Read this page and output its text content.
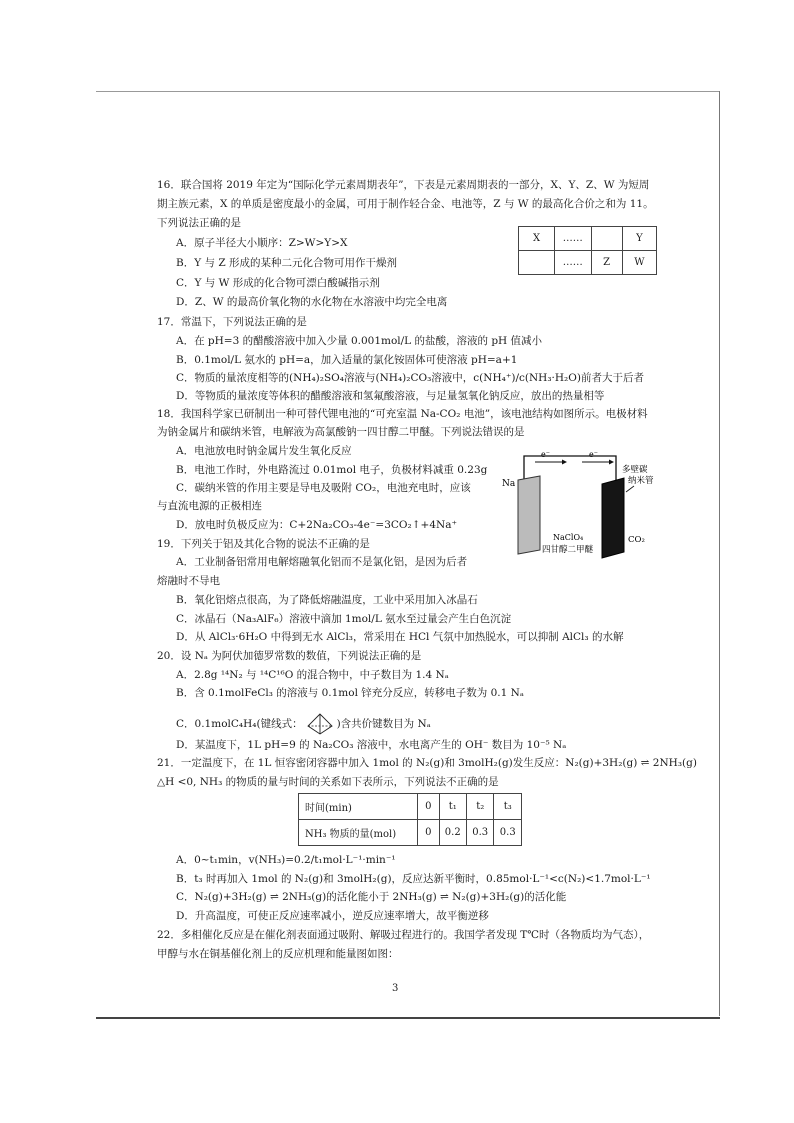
16．联合国将 2019 年定为“国际化学元素周期表年”，下表是元素周期表的一部分，X、Y、Z、W 为短周
期主族元素，X 的单质是密度最小的金属，可用于制作轻合金、电池等，Z 与 W 的最高化合价之和为 11。
下列说法正确的是
A．原子半径大小顺序：Z>W>Y>X
B．Y 与 Z 形成的某种二元化合物可用作干燥剂
C．Y 与 W 形成的化合物可漂白酸碱指示剂
D．Z、W 的最高价氧化物的水化物在水溶液中均完全电离
X	……		Y
	……	Z	W
17．常温下，下列说法正确的是
A．在 pH=3 的醋酸溶液中加入少量 0.001mol/L 的盐酸，溶液的 pH 值减小
B．0.1mol/L 氨水的 pH=a，加入适量的氯化铵固体可使溶液 pH=a+1
C．物质的量浓度相等的(NH₄)₂SO₄溶液与(NH₄)₂CO₃溶液中，c(NH₄⁺)/c(NH₃·H₂O)前者大于后者
D．等物质的量浓度等体积的醋酸溶液和氢氟酸溶液，与足量氢氧化钠反应，放出的热量相等
18．我国科学家已研制出一种可替代锂电池的“可充室温 Na-CO₂ 电池”，该电池结构如图所示。电极材料
为钠金属片和碳纳米管，电解液为高氯酸钠一四甘醇二甲醚。下列说法错误的是
A．电池放电时钠金属片发生氧化反应
B．电池工作时，外电路流过 0.01mol 电子，负极材料减重 0.23g
C．碳纳米管的作用主要是导电及吸附 CO₂，电池充电时，应该
与直流电源的正极相连
D．放电时负极反应为：C+2Na₂CO₃-4e⁻=3CO₂↑+4Na⁺
e⁻	e⁻
Na
多壁碳
纳米管
CO₂
NaClO₄
四甘醇二甲醚
19．下列关于铝及其化合物的说法不正确的是
A．工业制备铝常用电解熔融氧化铝而不是氯化铝，是因为后者
熔融时不导电
B．氧化铝熔点很高，为了降低熔融温度，工业中采用加入冰晶石
C．冰晶石（Na₃AlF₆）溶液中滴加 1mol/L 氨水至过量会产生白色沉淀
D．从 AlCl₃·6H₂O 中得到无水 AlCl₃，常采用在 HCl 气氛中加热脱水，可以抑制 AlCl₃ 的水解
20．设 Nₐ 为阿伏加德罗常数的数值，下列说法正确的是
A．2.8g ¹⁴N₂ 与 ¹⁴C¹⁶O 的混合物中，中子数目为 1.4 Nₐ
B．含 0.1molFeCl₃ 的溶液与 0.1mol 锌充分反应，转移电子数为 0.1 Nₐ
C．0.1molC₄H₄(键线式：	)含共价键数目为 Nₐ
D．某温度下，1L pH=9 的 Na₂CO₃ 溶液中，水电离产生的 OH⁻ 数目为 10⁻⁵ Nₐ
21．一定温度下，在 1L 恒容密闭容器中加入 1mol 的 N₂(g)和 3molH₂(g)发生反应：N₂(g)+3H₂(g) ⇌ 2NH₃(g)
△H <0, NH₃ 的物质的量与时间的关系如下表所示，下列说法不正确的是
时间(min)	0	t₁	t₂	t₃
NH₃ 物质的量(mol)	0	0.2	0.3	0.3
A．0~t₁min，v(NH₃)=0.2/t₁mol·L⁻¹·min⁻¹
B．t₃ 时再加入 1mol 的 N₂(g)和 3molH₂(g)，反应达新平衡时，0.85mol·L⁻¹<c(N₂)<1.7mol·L⁻¹
C．N₂(g)+3H₂(g) ⇌ 2NH₃(g)的活化能小于 2NH₃(g) ⇌ N₂(g)+3H₂(g)的活化能
D．升高温度，可使正反应速率减小，逆反应速率增大，故平衡逆移
22．多相催化反应是在催化剂表面通过吸附、解吸过程进行的。我国学者发现 T℃时（各物质均为气态），
甲醇与水在铜基催化剂上的反应机理和能量图如图：
3
